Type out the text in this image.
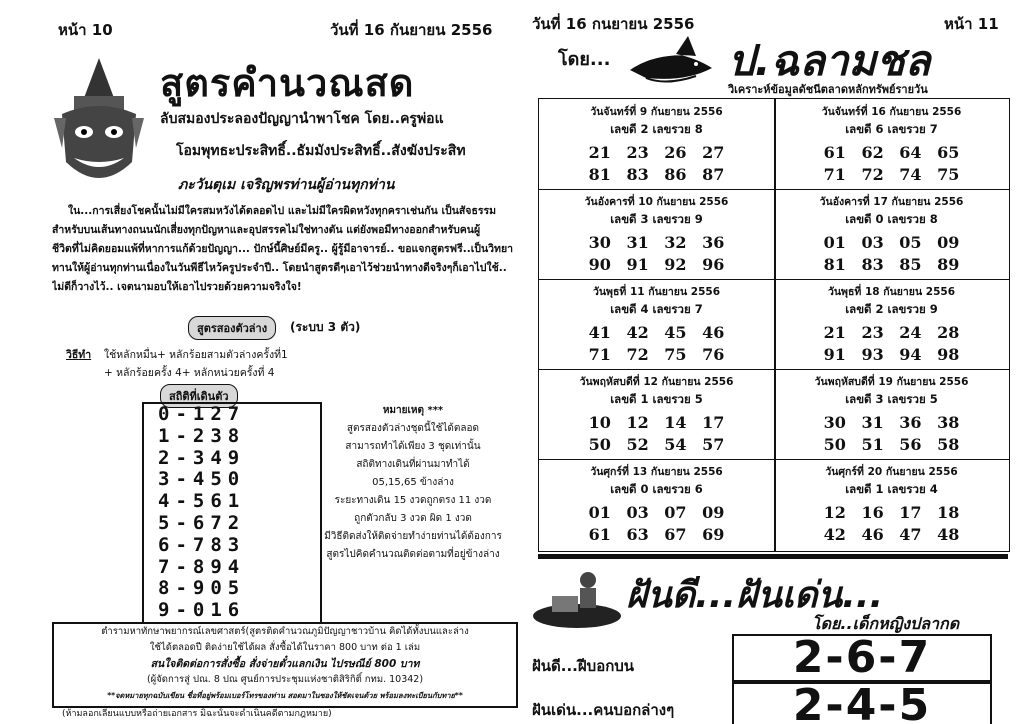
หน้า 10	วันที่ 16 กันยายน 2556
สูตรคำนวณสด
ลับสมองประลองปัญญานำพาโชค โดย..ครูพ่อแ
โอมพุทธะประสิทธิ์..ธัมมังประสิทธิ์..สังฆังประสิท
ภะวันตุเม เจริญพรท่านผู้อ่านทุกท่าน
ใน...การเสี่ยงโชคนั้นไม่มีใครสมหวังได้ตลอดไป และไม่มีใครผิดหวังทุกคราเช่นกัน เป็นสัจธรรม
สำหรับบนเส้นทางถนนนักเสี่ยงทุกปัญหาและอุปสรรคไม่ใช่ทางตัน แต่ยังพอมีทางออกสำหรับคนผู้
ชีวิตที่ไม่คิดยอมแพ้ที่หาการแก้ด้วยปัญญา... ปักษ์นี้ศิษย์มีครู.. ผู้รู้มีอาจารย์.. ขอแจกสูตรฟรี..เป็นวิทยา
ทานให้ผู้อ่านทุกท่านเนื่องในวันพีธีไหว้ครูประจำปี.. โดยนำสูตรดีๆเอาไว้ช่วยนำทางดีจริงๆก็เอาไปใช้..
ไม่ดีก็วางไว้.. เจตนามอบให้เอาไปรวยด้วยความจริงใจ!
สูตรสองตัวล่าง	(ระบบ 3 ตัว)
วิธีทำ ใช้หลักหมื่น+ หลักร้อยสามตัวล่างครั้งที่1
+ หลักร้อยครั้ง 4+ หลักหน่วยครั้งที่ 4
สถิติที่เดินตัว
0-127
1-238
2-349
3-450
4-561
5-672
6-783
7-894
8-905
9-016
หมายเหตุ ***
สูตรสองตัวล่างชุดนี้ใช้ได้ตลอด
สามารถทำได้เพียง 3 ชุดเท่านั้น
สถิติทางเดินที่ผ่านมาทำได้
05,15,65 ข้างล่าง
ระยะทางเดิน 15 งวดถูกตรง 11 งวด
ถูกตัวกลับ 3 งวด ผิด 1 งวด
มีวิธีติดส่งให้ติดจ่ายทำง่ายท่านได้ต้องการ
สูตรไปคิดคำนวณติดต่อตามที่อยู่ข้างล่าง
ตำรามหาทักษาพยากรณ์เลขศาสตร์(สูตรติดคำนวณภูมิปัญญาชาวบ้าน คิดได้ทั้งบนและล่าง
ใช้ได้ตลอดปี ติดง่ายใช้ได้ผล สั่งซื้อได้ในราคา 800 บาท ต่อ 1 เล่ม
สนใจติดต่อการสั่งซื้อ สั่งจ่ายตั๋วแลกเงิน ไปรษณีย์ 800 บาท
(ผู้จัดการสู่ ปณ. 8 ปณ ศูนย์การประชุมแห่งชาติสิริกิติ์ กทม. 10342)
**จดหมายทุกฉบับเขียน ชื่อที่อยู่พร้อมเบอร์โทรของท่าน สอดมาในซองให้ชัดเจนด้วย พร้อมลงทะเบียนกับทาย**
(ห้ามลอกเลียนแบบหรือถ่ายเอกสาร มิฉะนั้นจะดำเนินคดีตามกฎหมาย)
วันที่ 16 กนยายน 2556	หน้า 11
โดย...	ป.ฉลามชล
วิเคราะห์ข้อมูลดัชนีตลาดหลักทรัพย์รายวัน
วันจันทร์ที่ 9 กันยายน 2556
เลขดี 2 เลขรวย 8
21 23 26 27
81 83 86 87
วันจันทร์ที่ 16 กันยายน 2556
เลขดี 6 เลขรวย 7
61 62 64 65
71 72 74 75
วันอังคารที่ 10 กันยายน 2556
เลขดี 3 เลขรวย 9
30 31 32 36
90 91 92 96
วันอังคารที่ 17 กันยายน 2556
เลขดี 0 เลขรวย 8
01 03 05 09
81 83 85 89
วันพุธที่ 11 กันยายน 2556
เลขดี 4 เลขรวย 7
41 42 45 46
71 72 75 76
วันพุธที่ 18 กันยายน 2556
เลขดี 2 เลขรวย 9
21 23 24 28
91 93 94 98
วันพฤหัสบดีที่ 12 กันยายน 2556
เลขดี 1 เลขรวย 5
10 12 14 17
50 52 54 57
วันพฤหัสบดีที่ 19 กันยายน 2556
เลขดี 3 เลขรวย 5
30 31 36 38
50 51 56 58
วันศุกร์ที่ 13 กันยายน 2556
เลขดี 0 เลขรวย 6
01 03 07 09
61 63 67 69
วันศุกร์ที่ 20 กันยายน 2556
เลขดี 1 เลขรวย 4
12 16 17 18
42 46 47 48
ฝันดี...ฝันเด่น...
โดย..เด็กหญิงปลากด
ฝันดี...ฝีบอกบน	2-6-7
ฝันเด่น...คนบอกล่างๆ	2-4-5
